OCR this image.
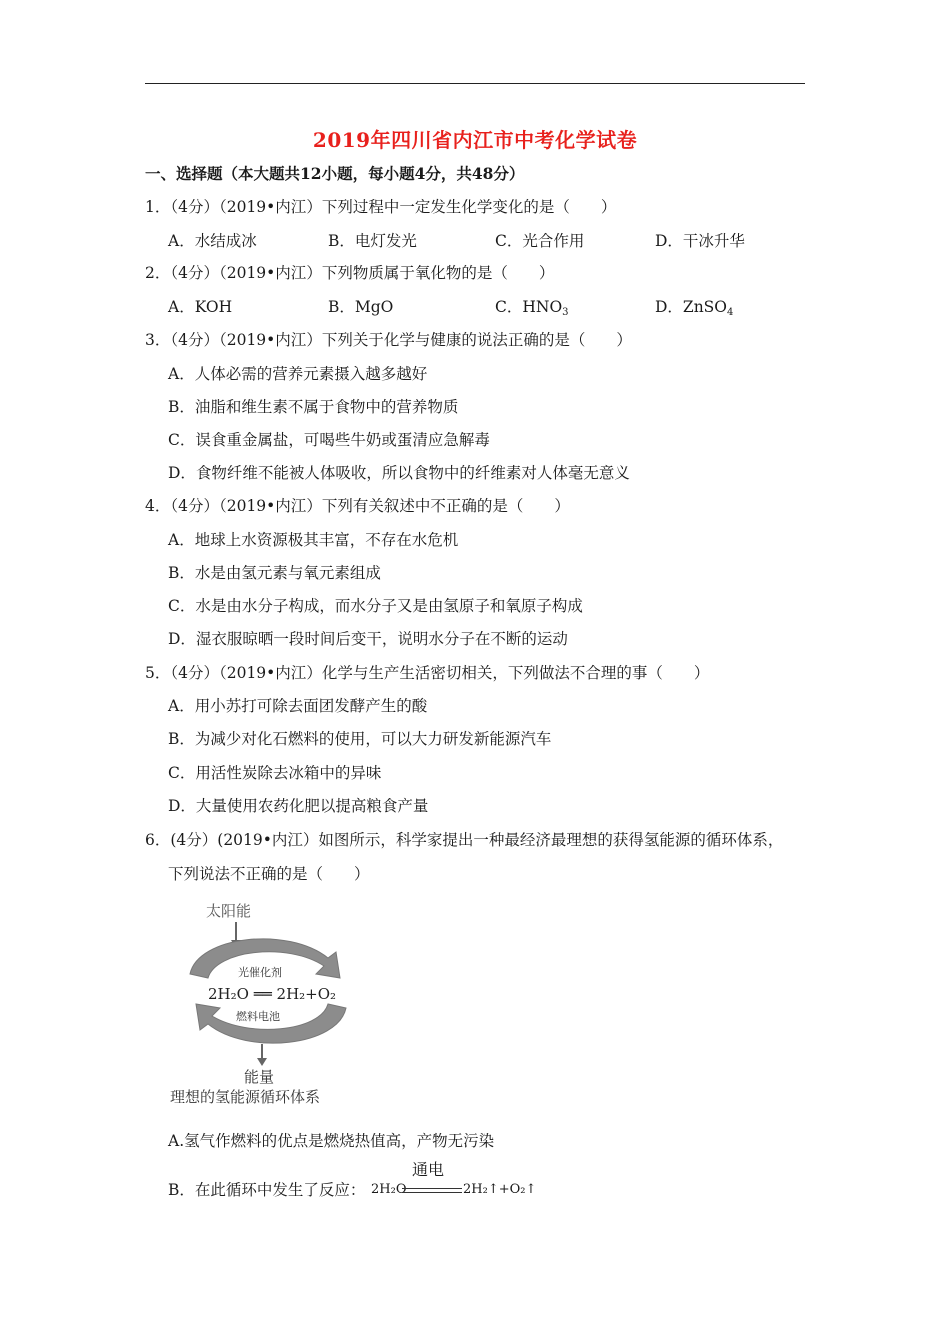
2019年四川省内江市中考化学试卷
一、选择题（本大题共12小题，每小题4分，共48分）
1．（4分）（2019•内江）下列过程中一定发生化学变化的是（　　）
A．水结成冰	B．电灯发光	C．光合作用	D．干冰升华
2．（4分）（2019•内江）下列物质属于氧化物的是（　　）
A．KOH	B．MgO	C．$HNO_3$	D．ZnSO$_4$
3．（4分）（2019•内江）下列关于化学与健康的说法正确的是（　　）
A．人体必需的营养元素摄入越多越好
B．油脂和维生素不属于食物中的营养物质
C．误食重金属盐，可喝些牛奶或蛋清应急解毒
D．食物纤维不能被人体吸收，所以食物中的纤维素对人体毫无意义
4．（4分）（2019•内江）下列有关叙述中不正确的是（　　）
A．地球上水资源极其丰富，不存在水危机
B．水是由氢元素与氧元素组成
C．水是由水分子构成，而水分子又是由氢原子和氧原子构成
D．湿衣服晾晒一段时间后变干，说明水分子在不断的运动
5．（4分）（2019•内江）化学与生产生活密切相关，下列做法不合理的事（　　）
A．用小苏打可除去面团发酵产生的酸
B．为减少对化石燃料的使用，可以大力研发新能源汽车
C．用活性炭除去冰箱中的异味
D．大量使用农药化肥以提高粮食产量
6．(4分）(2019•内江）如图所示，科学家提出一种最经济最理想的获得氢能源的循环体系，
下列说法不正确的是（　　）
太阳能
光催化剂
2H₂O ══ 2H₂+O₂
燃料电池
能量
理想的氢能源循环体系
A.氢气作燃料的优点是燃烧热值高，产物无污染
B．在此循环中发生了反应： 2H₂O
通电
2H₂↑+O₂↑
